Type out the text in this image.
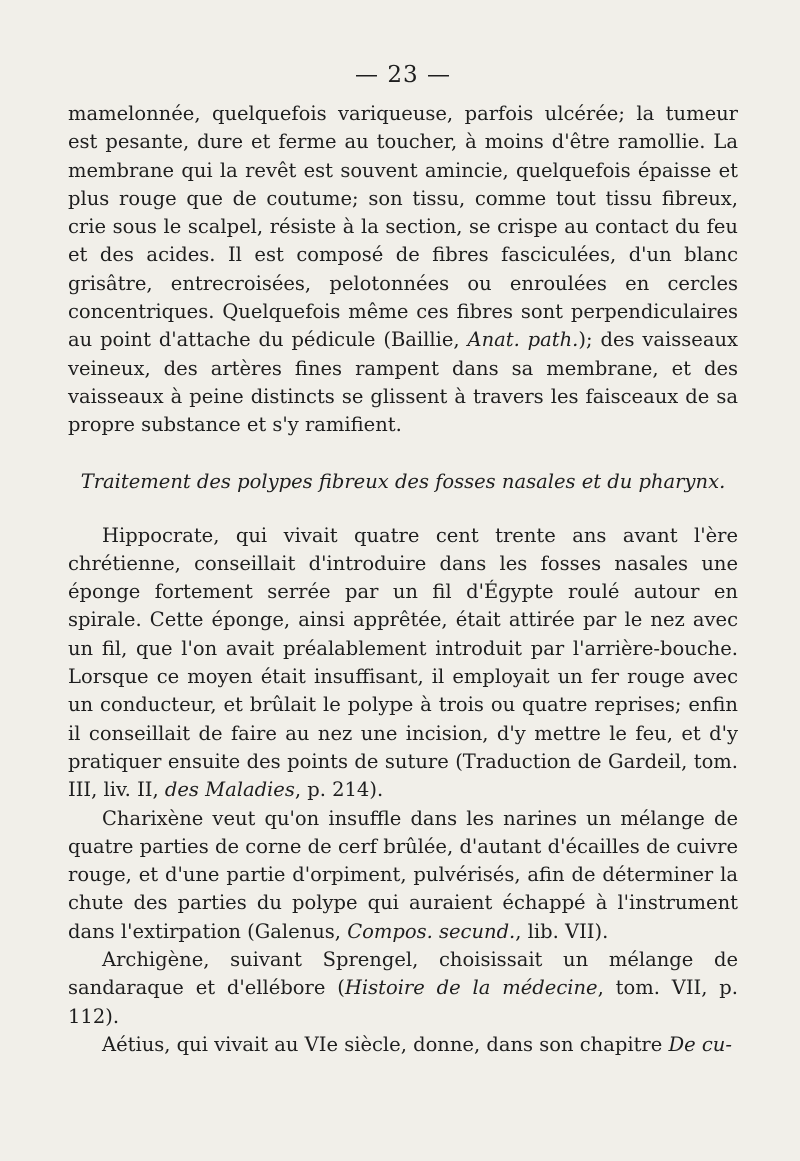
— 23 —

mamelonnée, quelquefois variqueuse, parfois ulcérée; la tumeur est pesante, dure et ferme au toucher, à moins d'être ramollie. La membrane qui la revêt est souvent amincie, quelquefois épaisse et plus rouge que de coutume; son tissu, comme tout tissu fibreux, crie sous le scalpel, résiste à la section, se crispe au contact du feu et des acides. Il est composé de fibres fasciculées, d'un blanc grisâtre, entrecroisées, pelotonnées ou enroulées en cercles concentriques. Quelquefois même ces fibres sont perpendiculaires au point d'attache du pédicule (Baillie, Anat. path.); des vaisseaux veineux, des artères fines rampent dans sa membrane, et des vaisseaux à peine distincts se glissent à travers les faisceaux de sa propre substance et s'y ramifient.

Traitement des polypes fibreux des fosses nasales et du pharynx.

Hippocrate, qui vivait quatre cent trente ans avant l'ère chrétienne, conseillait d'introduire dans les fosses nasales une éponge fortement serrée par un fil d'Égypte roulé autour en spirale. Cette éponge, ainsi apprêtée, était attirée par le nez avec un fil, que l'on avait préalablement introduit par l'arrière-bouche. Lorsque ce moyen était insuffisant, il employait un fer rouge avec un conducteur, et brûlait le polype à trois ou quatre reprises; enfin il conseillait de faire au nez une incision, d'y mettre le feu, et d'y pratiquer ensuite des points de suture (Traduction de Gardeil, tom. III, liv. II, des Maladies, p. 214).

Charixène veut qu'on insuffle dans les narines un mélange de quatre parties de corne de cerf brûlée, d'autant d'écailles de cuivre rouge, et d'une partie d'orpiment, pulvérisés, afin de déterminer la chute des parties du polype qui auraient échappé à l'instrument dans l'extirpation (Galenus, Compos. secund., lib. VII).

Archigène, suivant Sprengel, choisissait un mélange de sandaraque et d'ellébore (Histoire de la médecine, tom. VII, p. 112).

Aétius, qui vivait au VIe siècle, donne, dans son chapitre De cu-
